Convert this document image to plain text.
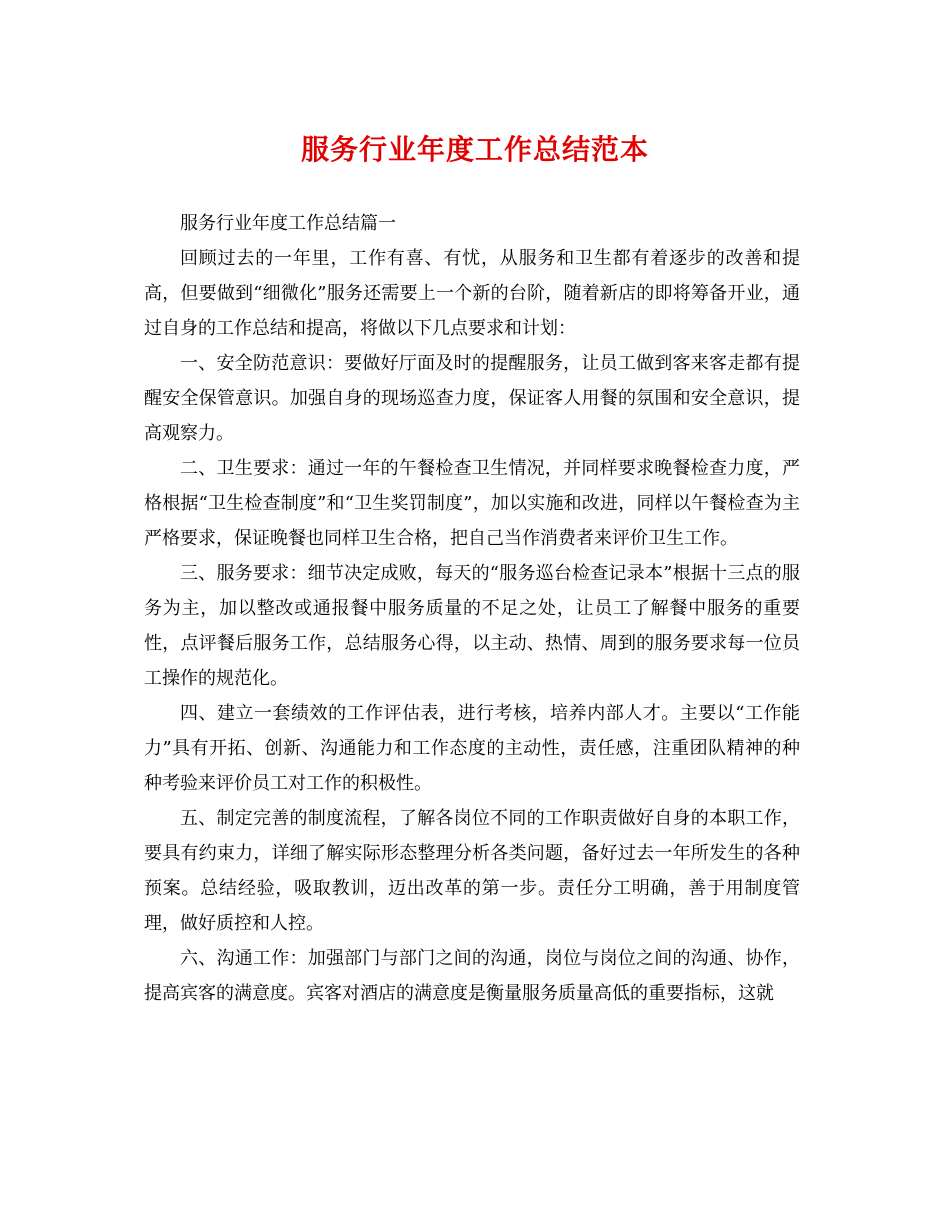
服务行业年度工作总结范本

服务行业年度工作总结篇一

回顾过去的一年里，工作有喜、有忧，从服务和卫生都有着逐步的改善和提高，但要做到“细微化”服务还需要上一个新的台阶，随着新店的即将筹备开业，通过自身的工作总结和提高，将做以下几点要求和计划：

一、安全防范意识：要做好厅面及时的提醒服务，让员工做到客来客走都有提醒安全保管意识。加强自身的现场巡查力度，保证客人用餐的氛围和安全意识，提高观察力。

二、卫生要求：通过一年的午餐检查卫生情况，并同样要求晚餐检查力度，严格根据“卫生检查制度”和“卫生奖罚制度”，加以实施和改进，同样以午餐检查为主严格要求，保证晚餐也同样卫生合格，把自己当作消费者来评价卫生工作。

三、服务要求：细节决定成败，每天的“服务巡台检查记录本”根据十三点的服务为主，加以整改或通报餐中服务质量的不足之处，让员工了解餐中服务的重要性，点评餐后服务工作，总结服务心得，以主动、热情、周到的服务要求每一位员工操作的规范化。

四、建立一套绩效的工作评估表，进行考核，培养内部人才。主要以“工作能力”具有开拓、创新、沟通能力和工作态度的主动性，责任感，注重团队精神的种种考验来评价员工对工作的积极性。

五、制定完善的制度流程，了解各岗位不同的工作职责做好自身的本职工作，要具有约束力，详细了解实际形态整理分析各类问题，备好过去一年所发生的各种预案。总结经验，吸取教训，迈出改革的第一步。责任分工明确，善于用制度管理，做好质控和人控。

六、沟通工作：加强部门与部门之间的沟通，岗位与岗位之间的沟通、协作，提高宾客的满意度。宾客对酒店的满意度是衡量服务质量高低的重要指标，这就
